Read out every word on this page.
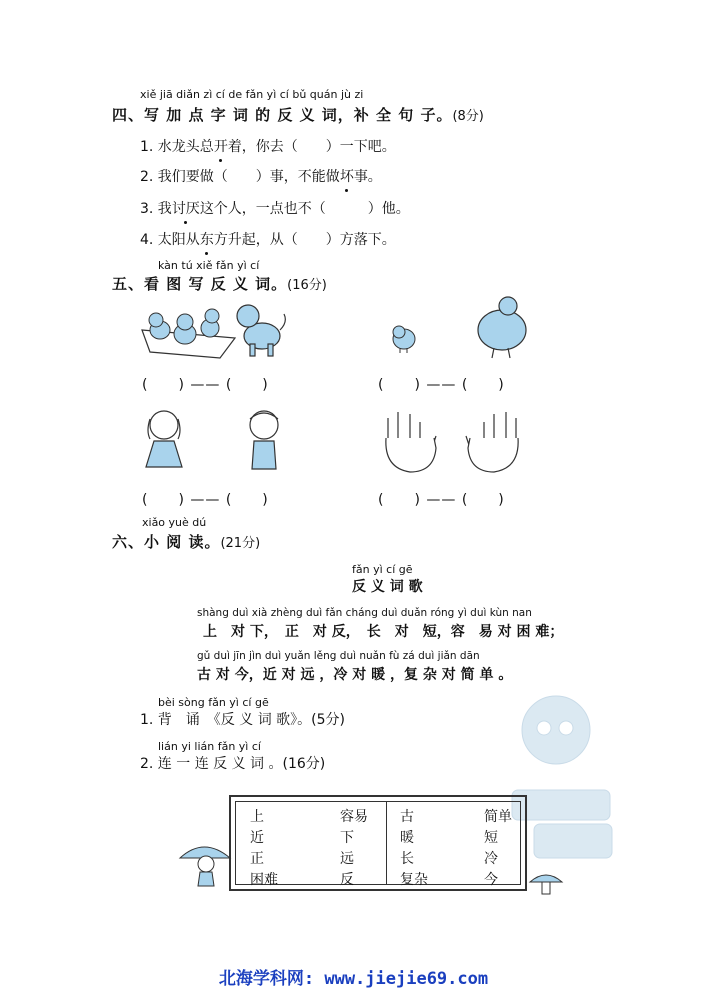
xiě jiā diǎn zì cí de fǎn yì cí bǔ quán jù zi
四、写 加 点 字 词 的 反 义 词，补 全 句 子。(8分)
1. 水龙头总开着，你去（　　）一下吧。
2. 我们要做（　　）事，不能做坏事。
3. 我讨厌这个人，一点也不（　　　）他。
4. 太阳从东方升起，从（　　）方落下。
kàn tú xiě fǎn yì cí
五、看 图 写 反 义 词。(16分)
(　　) —— (　　)	(　　) —— (　　)
(　　) —— (　　)	(　　) —— (　　)
xiǎo yuè dú
六、小 阅 读。(21分)
fǎn yì cí gē
反 义 词 歌
shàng duì xià zhèng duì fǎn cháng duì duǎn róng yì duì kùn nan
上　对 下，　正　对 反，　长　对　短，容　易 对 困 难；
gǔ duì jīn jìn duì yuǎn lěng duì nuǎn fù zá duì jiǎn dān
古 对 今，近 对 远 ，冷 对 暖 ，复 杂 对 简 单 。
bèi sòng fǎn yì cí gē
1. 背　诵　《反 义 词 歌》。(5分)
lián yi lián fǎn yì cí
2. 连 一 连 反 义 词 。(16分)
上
近
正
困难
容易
下
远
反
古
暖
长
复杂
简单
短
冷
今
北海学科网: www.jiejie69.com
